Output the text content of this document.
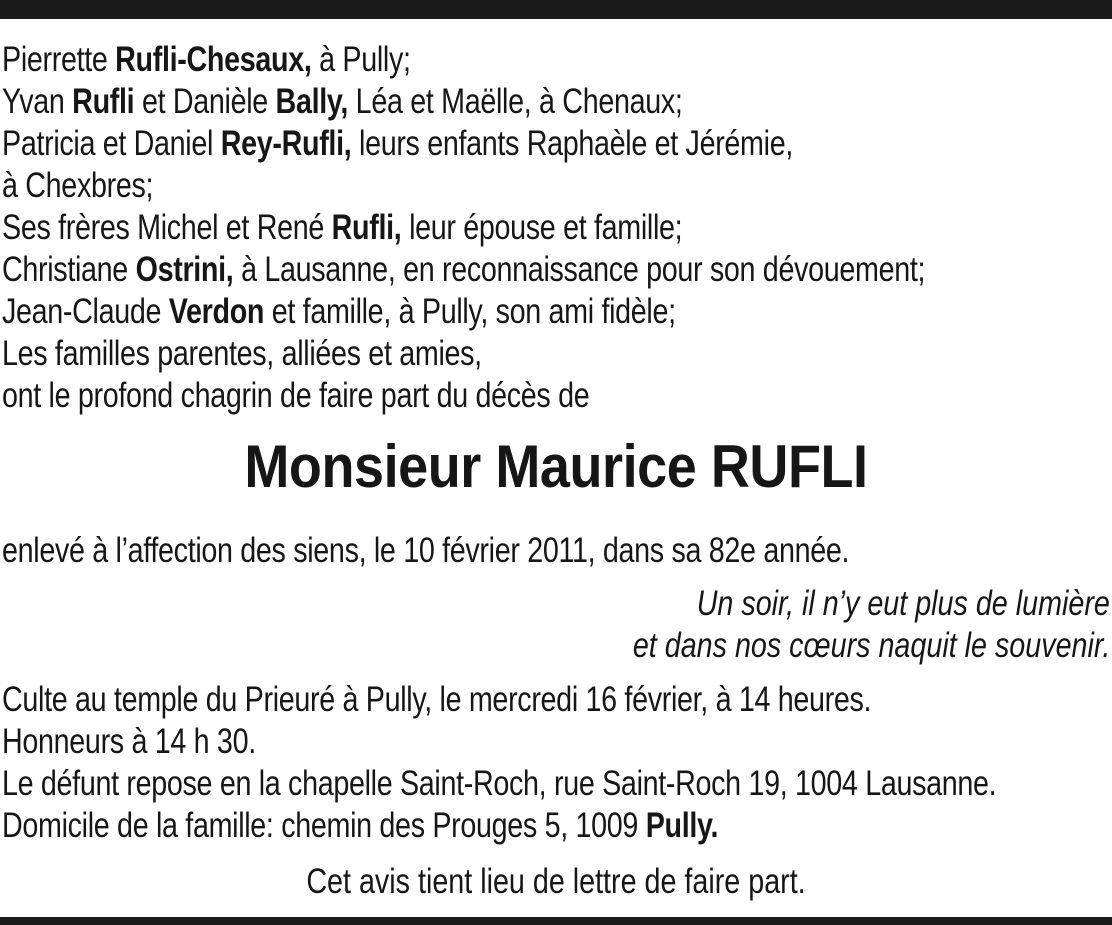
Pierrette Rufli-Chesaux, à Pully;
Yvan Rufli et Danièle Bally, Léa et Maëlle, à Chenaux;
Patricia et Daniel Rey-Rufli, leurs enfants Raphaèle et Jérémie,
à Chexbres;
Ses frères Michel et René Rufli, leur épouse et famille;
Christiane Ostrini, à Lausanne, en reconnaissance pour son dévouement;
Jean-Claude Verdon et famille, à Pully, son ami fidèle;
Les familles parentes, alliées et amies,
ont le profond chagrin de faire part du décès de
Monsieur Maurice RUFLI
enlevé à l’affection des siens, le 10 février 2011, dans sa 82e année.
Un soir, il n’y eut plus de lumière
et dans nos cœurs naquit le souvenir.
Culte au temple du Prieuré à Pully, le mercredi 16 février, à 14 heures.
Honneurs à 14 h 30.
Le défunt repose en la chapelle Saint-Roch, rue Saint-Roch 19, 1004 Lausanne.
Domicile de la famille: chemin des Prouges 5, 1009 Pully.
Cet avis tient lieu de lettre de faire part.
